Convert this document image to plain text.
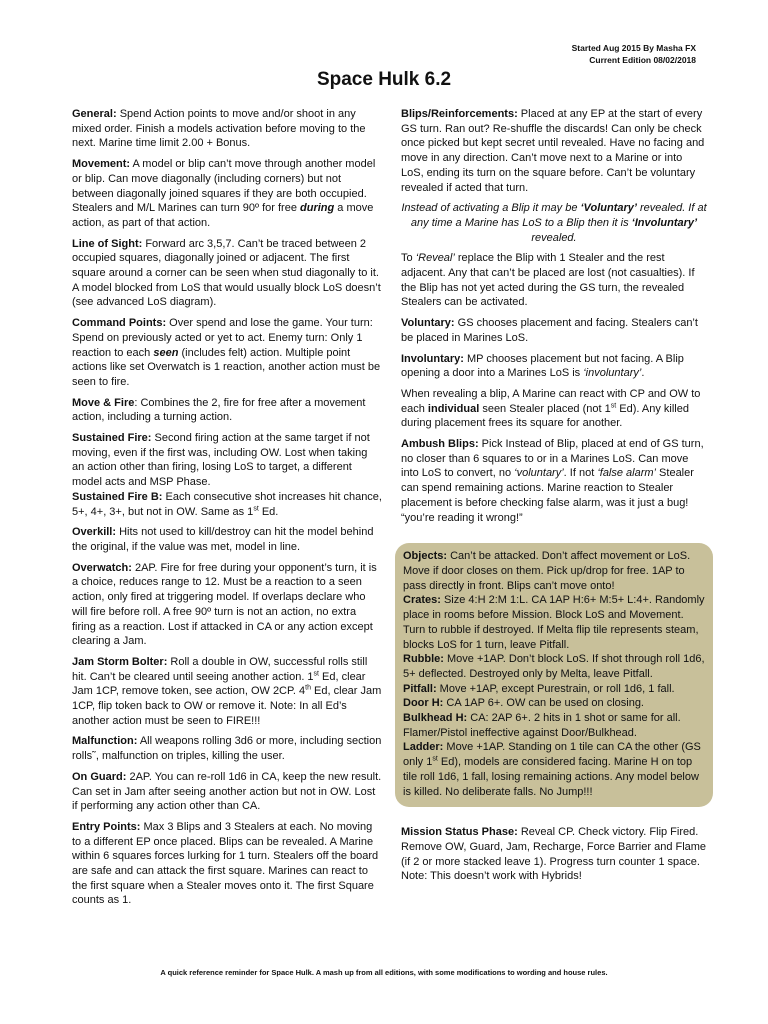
Started Aug 2015 By Masha FX
Current Edition 08/02/2018
Space Hulk 6.2

General: Spend Action points to move and/or shoot in any mixed order. Finish a models activation before moving to the next. Marine time limit 2.00 + Bonus.

Movement: A model or blip can’t move through another model or blip. Can move diagonally (including corners) but not between diagonally joined squares if they are both occupied. Stealers and M/L Marines can turn 90º for free during a move action, as part of that action.

Line of Sight: Forward arc 3,5,7. Can’t be traced between 2 occupied squares, diagonally joined or adjacent. The first square around a corner can be seen when stud diagonally to it. A model blocked from LoS that would usually block LoS doesn’t (see advanced LoS diagram).

Command Points: Over spend and lose the game. Your turn: Spend on previously acted or yet to act. Enemy turn: Only 1 reaction to each seen (includes felt) action. Multiple point actions like set Overwatch is 1 reaction, another action must be seen to fire.

Move & Fire: Combines the 2, fire for free after a movement action, including a turning action.

Sustained Fire: Second firing action at the same target if not moving, even if the first was, including OW. Lost when taking an action other than firing, losing LoS to target, a different model acts and MSP Phase.

Sustained Fire B: Each consecutive shot increases hit chance, 5+, 4+, 3+, but not in OW. Same as 1st Ed.

Overkill: Hits not used to kill/destroy can hit the model behind the original, if the value was met, model in line.

Overwatch: 2AP. Fire for free during your opponent’s turn, it is a choice, reduces range to 12. Must be a reaction to a seen action, only fired at triggering model. If overlaps declare who will fire before roll. A free 90º turn is not an action, no extra firing as a reaction. Lost if attacked in CA or any action except clearing a Jam.

Jam Storm Bolter: Roll a double in OW, successful rolls still hit. Can’t be cleared until seeing another action. 1st Ed, clear Jam 1CP, remove token, see action, OW 2CP. 4th Ed, clear Jam 1CP, flip token back to OW or remove it. Note: In all Ed’s another action must be seen to FIRE!!!

Malfunction: All weapons rolling 3d6 or more, including section rolls˜, malfunction on triples, killing the user.

On Guard: 2AP. You can re-roll 1d6 in CA, keep the new result. Can set in Jam after seeing another action but not in OW. Lost if performing any action other than CA.

Entry Points: Max 3 Blips and 3 Stealers at each. No moving to a different EP once placed. Blips can be revealed. A Marine within 6 squares forces lurking for 1 turn. Stealers off the board are safe and can attack the first square. Marines can react to the first square when a Stealer moves onto it. The first Square counts as 1.

Blips/Reinforcements: Placed at any EP at the start of every GS turn. Ran out? Re-shuffle the discards! Can only be check once picked but kept secret until revealed. Have no facing and move in any direction. Can’t move next to a Marine or into LoS, ending its turn on the square before. Can’t be voluntary revealed if acted that turn.

Instead of activating a Blip it may be ‘Voluntary’ revealed. If at any time a Marine has LoS to a Blip then it is ‘Involuntary’ revealed.

To ‘Reveal’ replace the Blip with 1 Stealer and the rest adjacent. Any that can’t be placed are lost (not casualties). If the Blip has not yet acted during the GS turn, the revealed Stealers can be activated.

Voluntary: GS chooses placement and facing. Stealers can’t be placed in Marines LoS.

Involuntary: MP chooses placement but not facing. A Blip opening a door into a Marines LoS is ‘involuntary’.

When revealing a blip, A Marine can react with CP and OW to each individual seen Stealer placed (not 1st Ed). Any killed during placement frees its square for another.

Ambush Blips: Pick Instead of Blip, placed at end of GS turn, no closer than 6 squares to or in a Marines LoS. Can move into LoS to convert, no ‘voluntary’. If not ‘false alarm’ Stealer can spend remaining actions. Marine reaction to Stealer placement is before checking false alarm, was it just a bug! “you’re reading it wrong!”

Objects: Can’t be attacked. Don’t affect movement or LoS. Move if door closes on them. Pick up/drop for free. 1AP to pass directly in front. Blips can’t move onto!

Crates: Size 4:H 2:M 1:L. CA 1AP H:6+ M:5+ L:4+. Randomly place in rooms before Mission. Block LoS and Movement. Turn to rubble if destroyed. If Melta flip tile represents steam, blocks LoS for 1 turn, leave Pitfall.

Rubble: Move +1AP. Don’t block LoS. If shot through roll 1d6, 5+ deflected. Destroyed only by Melta, leave Pitfall.

Pitfall: Move +1AP, except Purestrain, or roll 1d6, 1 fall.

Door H: CA 1AP 6+. OW can be used on closing.

Bulkhead H: CA: 2AP 6+. 2 hits in 1 shot or same for all. Flamer/Pistol ineffective against Door/Bulkhead.

Ladder: Move +1AP. Standing on 1 tile can CA the other (GS only 1st Ed), models are considered facing. Marine H on top tile roll 1d6, 1 fall, losing remaining actions. Any model below is killed. No deliberate falls. No Jump!!!

Mission Status Phase: Reveal CP. Check victory. Flip Fired. Remove OW, Guard, Jam, Recharge, Force Barrier and Flame (if 2 or more stacked leave 1). Progress turn counter 1 space. Note: This doesn’t work with Hybrids!

A quick reference reminder for Space Hulk. A mash up from all editions, with some modifications to wording and house rules.
